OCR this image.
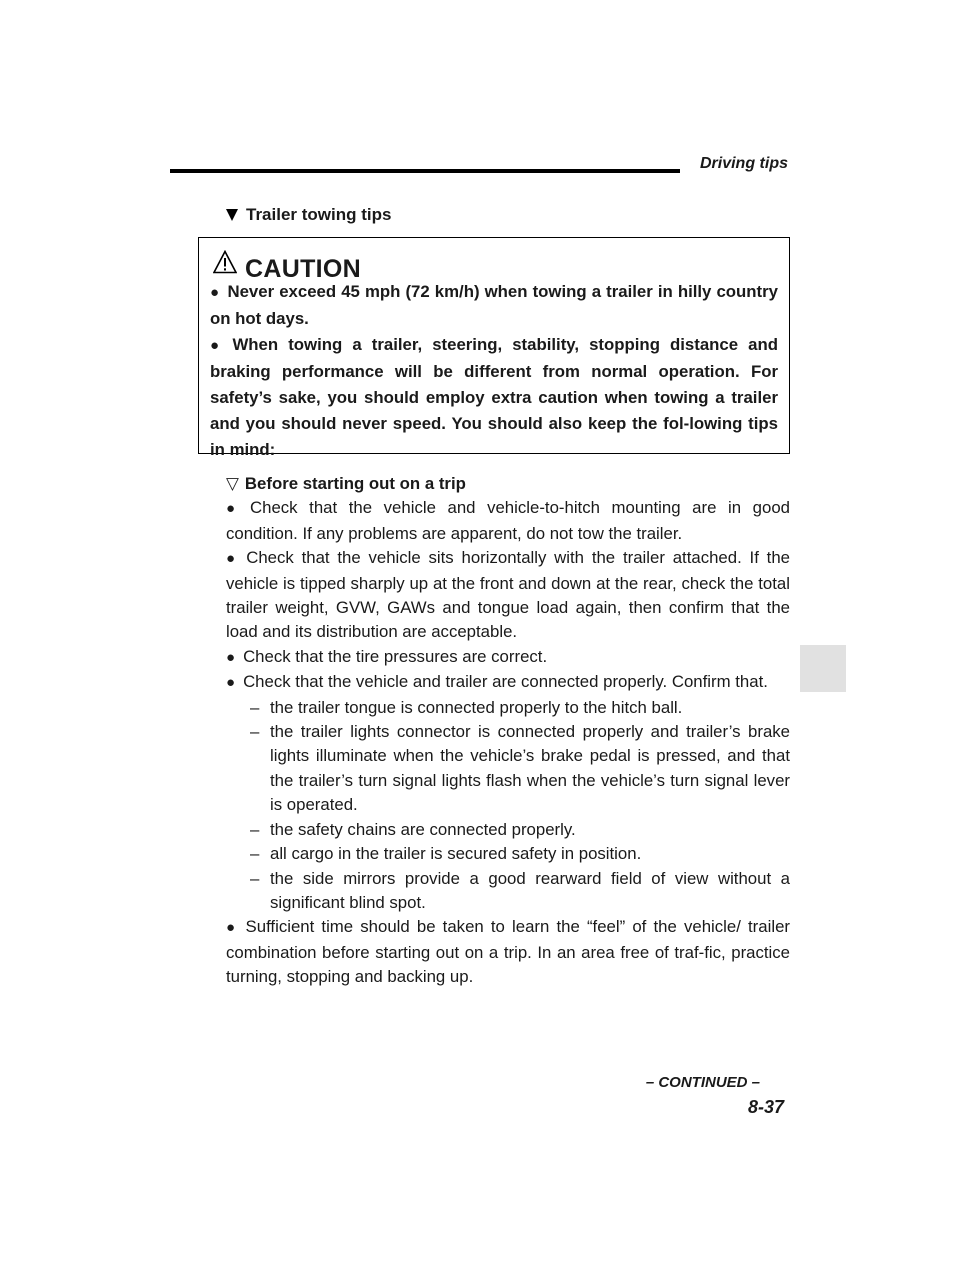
Driving tips
Trailer towing tips
CAUTION

● Never exceed 45 mph (72 km/h) when towing a trailer in hilly country on hot days.

● When towing a trailer, steering, stability, stopping distance and braking performance will be different from normal operation. For safety’s sake, you should employ extra caution when towing a trailer and you should never speed. You should also keep the fol-lowing tips in mind:

▽ Before starting out on a trip

● Check that the vehicle and vehicle-to-hitch mounting are in good condition. If any problems are apparent, do not tow the trailer.

● Check that the vehicle sits horizontally with the trailer attached. If the vehicle is tipped sharply up at the front and down at the rear, check the total trailer weight, GVW, GAWs and tongue load again, then confirm that the load and its distribution are acceptable.

● Check that the tire pressures are correct.

● Check that the vehicle and trailer are connected properly. Confirm that.

– the trailer tongue is connected properly to the hitch ball.

– the trailer lights connector is connected properly and trailer’s brake lights illuminate when the vehicle’s brake pedal is pressed, and that the trailer’s turn signal lights flash when the vehicle’s turn signal lever is operated.

– the safety chains are connected properly.

– all cargo in the trailer is secured safety in position.

– the side mirrors provide a good rearward field of view without a significant blind spot.

● Sufficient time should be taken to learn the “feel” of the vehicle/ trailer combination before starting out on a trip. In an area free of traf-fic, practice turning, stopping and backing up.

– CONTINUED –
8-37
